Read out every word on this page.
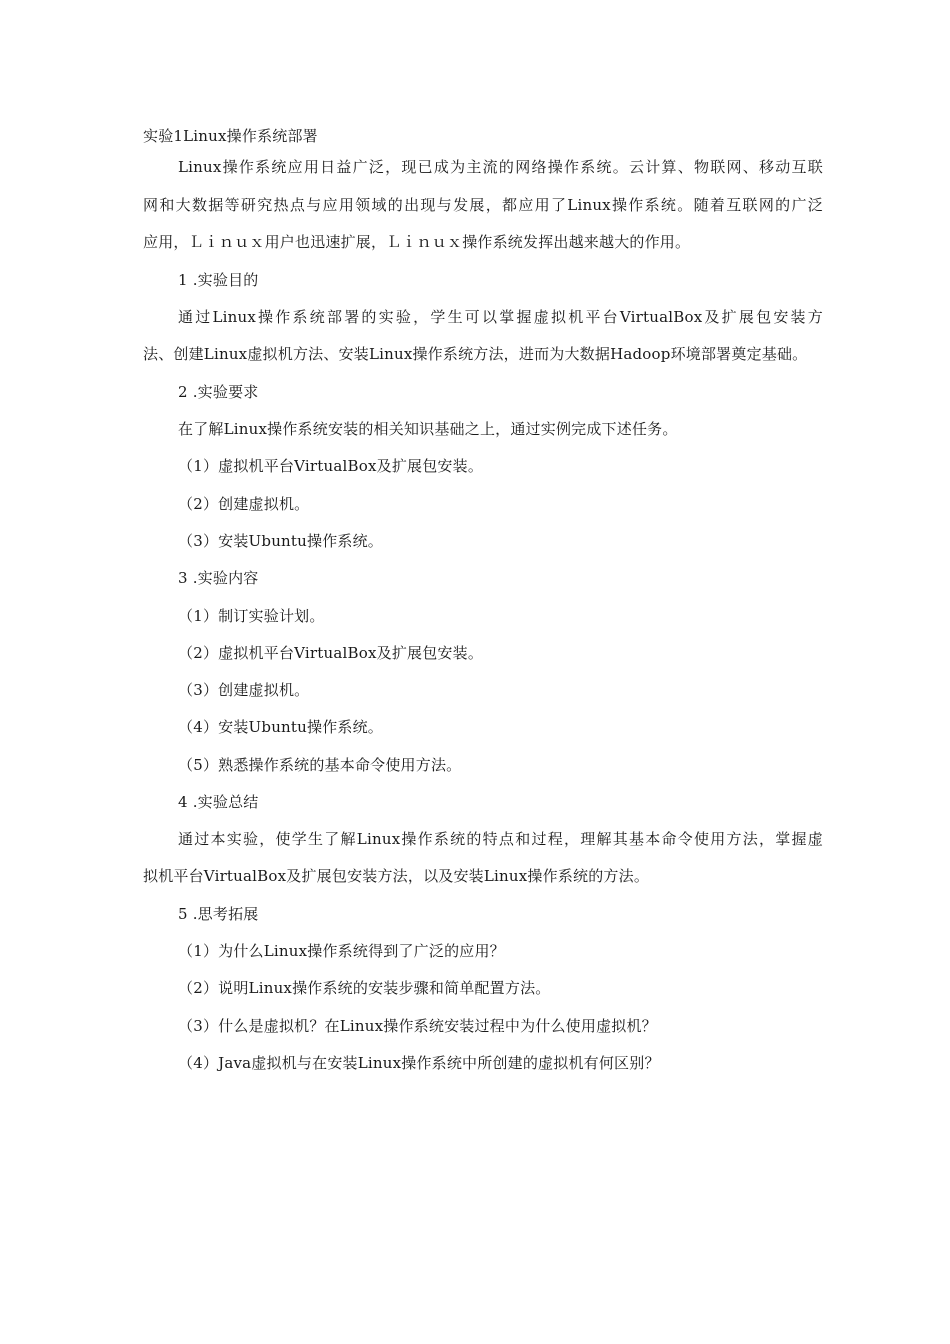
实验1Linux操作系统部署
Linux操作系统应用日益广泛，现已成为主流的网络操作系统。云计算、物联网、移动互联
网和大数据等研究热点与应用领域的出现与发展，都应用了Linux操作系统。随着互联网的广泛
应用，Ｌｉｎｕｘ用户也迅速扩展，Ｌｉｎｕｘ操作系统发挥出越来越大的作用。
1 .实验目的
通过Linux操作系统部署的实验，学生可以掌握虚拟机平台VirtualBox及扩展包安装方
法、创建Linux虚拟机方法、安装Linux操作系统方法，进而为大数据Hadoop环境部署奠定基础。
2 .实验要求
在了解Linux操作系统安装的相关知识基础之上，通过实例完成下述任务。
（1）虚拟机平台VirtualBox及扩展包安装。
（2）创建虚拟机。
（3）安装Ubuntu操作系统。
3 .实验内容
（1）制订实验计划。
（2）虚拟机平台VirtualBox及扩展包安装。
（3）创建虚拟机。
（4）安装Ubuntu操作系统。
（5）熟悉操作系统的基本命令使用方法。
4 .实验总结
通过本实验，使学生了解Linux操作系统的特点和过程，理解其基本命令使用方法，掌握虚
拟机平台VirtualBox及扩展包安装方法，以及安装Linux操作系统的方法。
5 .思考拓展
（1）为什么Linux操作系统得到了广泛的应用？
（2）说明Linux操作系统的安装步骤和简单配置方法。
（3）什么是虚拟机？在Linux操作系统安装过程中为什么使用虚拟机？
（4）Java虚拟机与在安装Linux操作系统中所创建的虚拟机有何区别？
